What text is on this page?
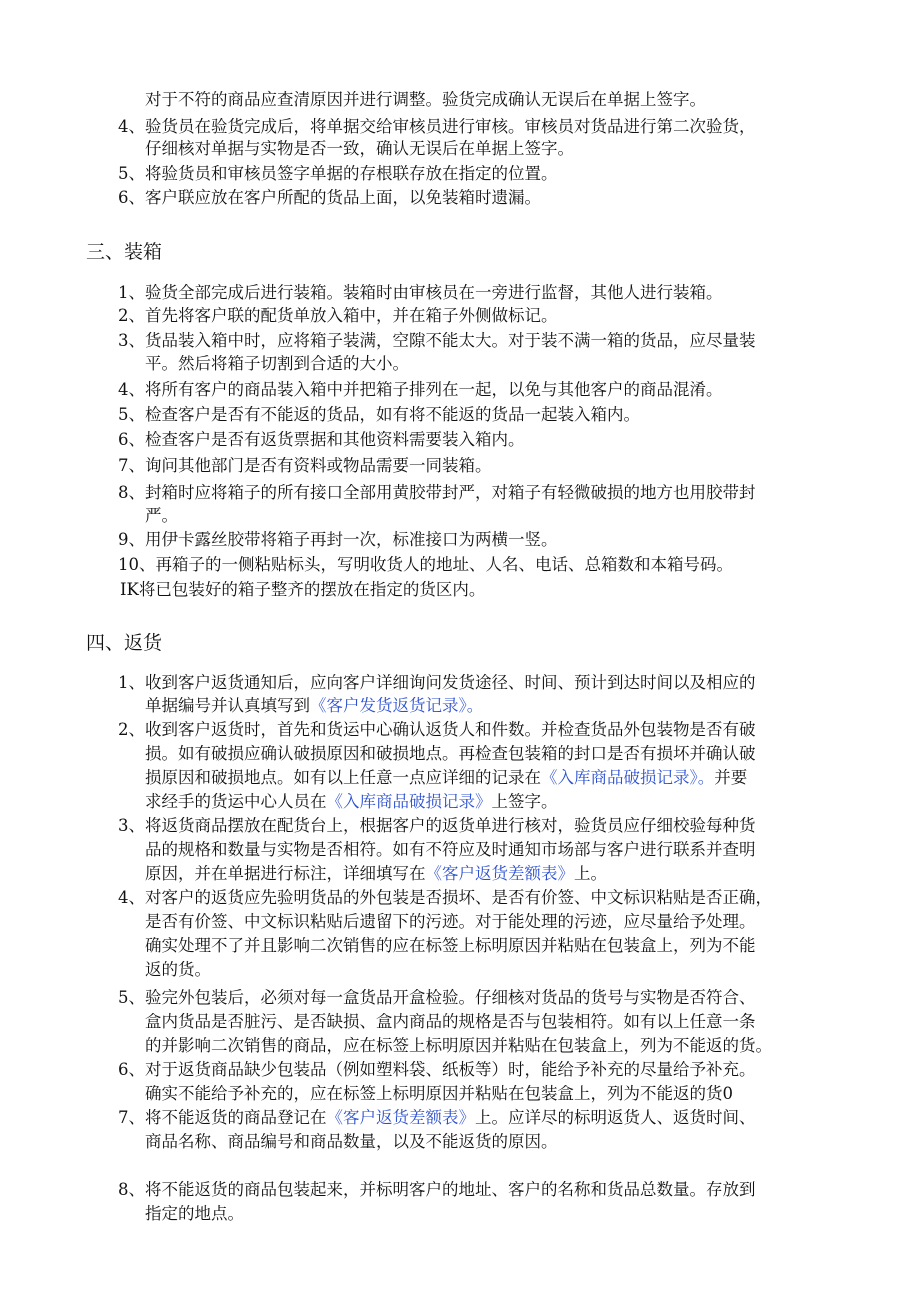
对于不符的商品应查清原因并进行调整。验货完成确认无误后在单据上签字。
4、验货员在验货完成后，将单据交给审核员进行审核。审核员对货品进行第二次验货，
仔细核对单据与实物是否一致，确认无误后在单据上签字。
5、将验货员和审核员签字单据的存根联存放在指定的位置。
6、客户联应放在客户所配的货品上面，以免装箱时遗漏。
三、装箱
1、验货全部完成后进行装箱。装箱时由审核员在一旁进行监督，其他人进行装箱。
2、首先将客户联的配货单放入箱中，并在箱子外侧做标记。
3、货品装入箱中时，应将箱子装满，空隙不能太大。对于装不满一箱的货品，应尽量装
平。然后将箱子切割到合适的大小。
4、将所有客户的商品装入箱中并把箱子排列在一起，以免与其他客户的商品混淆。
5、检查客户是否有不能返的货品，如有将不能返的货品一起装入箱内。
6、检查客户是否有返货票据和其他资料需要装入箱内。
7、询问其他部门是否有资料或物品需要一同装箱。
8、封箱时应将箱子的所有接口全部用黄胶带封严，对箱子有轻微破损的地方也用胶带封
严。
9、用伊卡露丝胶带将箱子再封一次，标准接口为两横一竖。
10、再箱子的一侧粘贴标头，写明收货人的地址、人名、电话、总箱数和本箱号码。
IK将已包装好的箱子整齐的摆放在指定的货区内。
四、返货
1、收到客户返货通知后，应向客户详细询问发货途径、时间、预计到达时间以及相应的
单据编号并认真填写到《客户发货返货记录》。
2、收到客户返货时，首先和货运中心确认返货人和件数。并检查货品外包装物是否有破
损。如有破损应确认破损原因和破损地点。再检查包装箱的封口是否有损坏并确认破
损原因和破损地点。如有以上任意一点应详细的记录在《入库商品破损记录》。并要
求经手的货运中心人员在《入库商品破损记录》上签字。
3、将返货商品摆放在配货台上，根据客户的返货单进行核对，验货员应仔细校验每种货
品的规格和数量与实物是否相符。如有不符应及时通知市场部与客户进行联系并查明
原因，并在单据进行标注，详细填写在《客户返货差额表》上。
4、对客户的返货应先验明货品的外包装是否损坏、是否有价签、中文标识粘贴是否正确，
是否有价签、中文标识粘贴后遗留下的污迹。对于能处理的污迹，应尽量给予处理。
确实处理不了并且影响二次销售的应在标签上标明原因并粘贴在包装盒上，列为不能
返的货。
5、验完外包装后，必须对每一盒货品开盒检验。仔细核对货品的货号与实物是否符合、
盒内货品是否脏污、是否缺损、盒内商品的规格是否与包装相符。如有以上任意一条
的并影响二次销售的商品，应在标签上标明原因并粘贴在包装盒上，列为不能返的货。
6、对于返货商品缺少包装品（例如塑料袋、纸板等）时，能给予补充的尽量给予补充。
确实不能给予补充的，应在标签上标明原因并粘贴在包装盒上，列为不能返的货0
7、将不能返货的商品登记在《客户返货差额表》上。应详尽的标明返货人、返货时间、
商品名称、商品编号和商品数量，以及不能返货的原因。
8、将不能返货的商品包装起来，并标明客户的地址、客户的名称和货品总数量。存放到
指定的地点。
